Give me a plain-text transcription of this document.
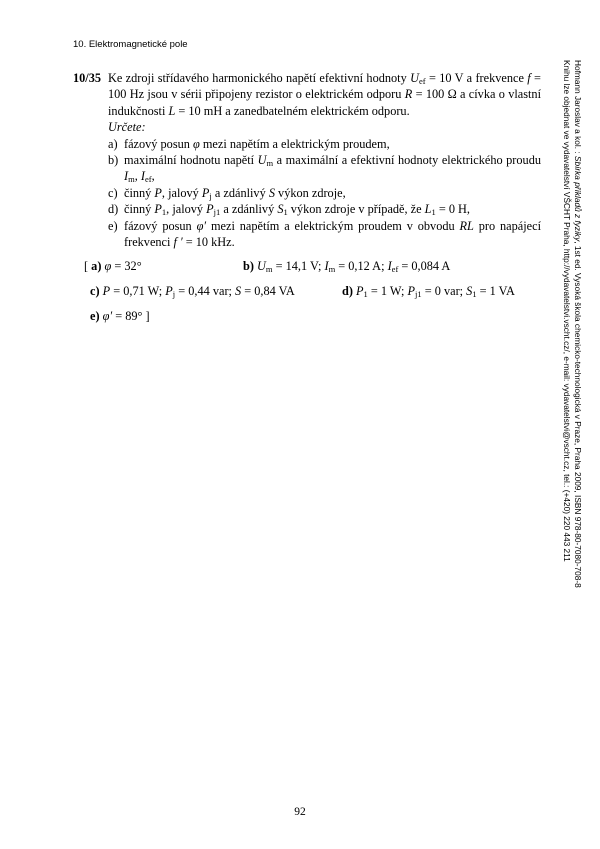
10. Elektromagnetické pole
10/35 Ke zdroji střídavého harmonického napětí efektivní hodnoty $U_{ef} = 10$ V a frekvence f = 100 Hz jsou v sérii připojeny rezistor o elektrickém odporu R = 100 Ω a cívka o vlastní indukčnosti L = 10 mH a zanedbatelném elektrickém odporu.
Určete:
a) fázový posun φ mezi napětím a elektrickým proudem,
b) maximální hodnotu napětí $U_m$ a maximální a efektivní hodnoty elektrického proudu $I_m$, $I_{ef}$,
c) činný P, jalový $P_j$ a zdánlivý S výkon zdroje,
d) činný $P_1$, jalový $P_{j1}$ a zdánlivý $S_1$ výkon zdroje v případě, že $L_1 = 0$ H,
e) fázový posun φ′ mezi napětím a elektrickým proudem v obvodu RL pro napájecí frekvenci f ′ = 10 kHz.
[ a) φ = 32°	b) $U_m = 14,1$ V; $I_m = 0,12$ A; $I_{ef} = 0,084$ A
c) P = 0,71 W; $P_j = 0,44$ var; S = 0,84 VA	d) $P_1 = 1$ W; $P_{j1} = 0$ var; $S_1 = 1$ VA
e) φ′ = 89° ]
Hofmann Jaroslav a kol. : Sbírka příkladů z fyziky, 1st ed. Vysoká škola chemicko-technologická v Praze, Praha 2009, ISBN 978-80-7080-708-8
Knihu lze objednat ve vydavatelství VŠCHT Praha, http://vydavatelstvi.vscht.cz/, e-mail: vydavatelstvi@vscht.cz, tel.: (+420) 220 443 211
92
